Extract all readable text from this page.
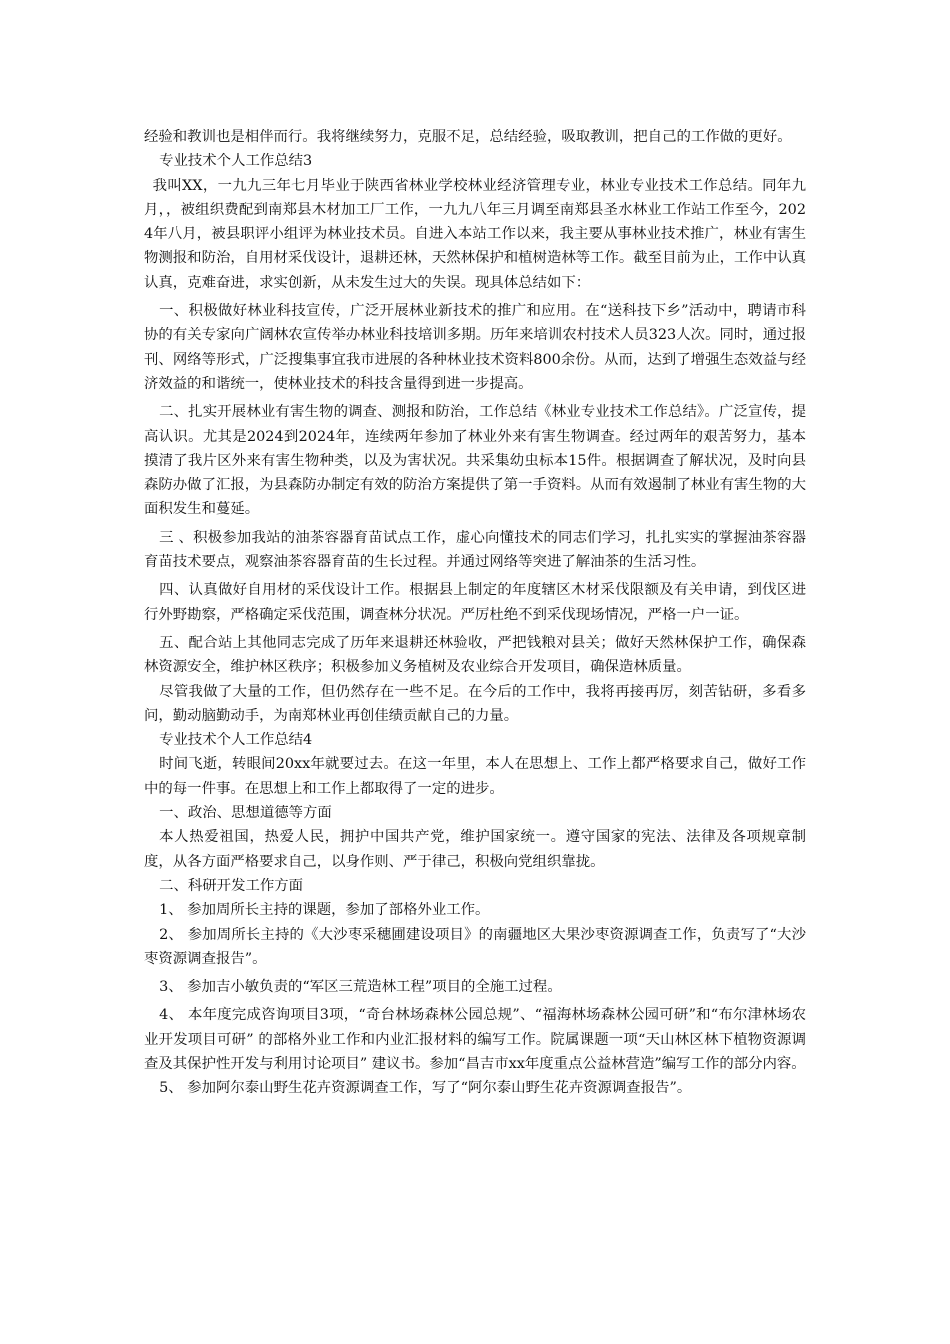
经验和教训也是相伴而行。我将继续努力，克服不足，总结经验，吸取教训，把自己的工作做的更好。

专业技术个人工作总结3

我叫XX，一九九三年七月毕业于陕西省林业学校林业经济管理专业，林业专业技术工作总结。同年九月，，被组织费配到南郑县木材加工厂工作，一九九八年三月调至南郑县圣水林业工作站工作至今，2024年八月，被县职评小组评为林业技术员。自进入本站工作以来，我主要从事林业技术推广，林业有害生物测报和防治，自用材采伐设计，退耕还林，天然林保护和植树造林等工作。截至目前为止，工作中认真认真，克难奋进，求实创新，从未发生过大的失误。现具体总结如下：

一、积极做好林业科技宣传，广泛开展林业新技术的推广和应用。在“送科技下乡”活动中，聘请市科协的有关专家向广阔林农宣传举办林业科技培训多期。历年来培训农村技术人员323人次。同时，通过报刊、网络等形式，广泛搜集事宜我市进展的各种林业技术资料800余份。从而，达到了增强生态效益与经济效益的和谐统一，使林业技术的科技含量得到进一步提高。

二、扎实开展林业有害生物的调查、测报和防治，工作总结《林业专业技术工作总结》。广泛宣传，提高认识。尤其是2024到2024年，连续两年参加了林业外来有害生物调查。经过两年的艰苦努力，基本摸清了我片区外来有害生物种类，以及为害状况。共采集幼虫标本15件。根据调查了解状况，及时向县森防办做了汇报，为县森防办制定有效的防治方案提供了第一手资料。从而有效遏制了林业有害生物的大面积发生和蔓延。

三 、积极参加我站的油茶容器育苗试点工作，虚心向懂技术的同志们学习，扎扎实实的掌握油茶容器育苗技术要点，观察油茶容器育苗的生长过程。并通过网络等突进了解油茶的生活习性。

四、认真做好自用材的采伐设计工作。根据县上制定的年度辖区木材采伐限额及有关申请，到伐区进行外野勘察，严格确定采伐范围，调查林分状况。严厉杜绝不到采伐现场情况，严格一户一证。

五、配合站上其他同志完成了历年来退耕还林验收，严把钱粮对县关；做好天然林保护工作，确保森林资源安全，维护林区秩序；积极参加义务植树及农业综合开发项目，确保造林质量。

尽管我做了大量的工作，但仍然存在一些不足。在今后的工作中，我将再接再厉，刻苦钻研，多看多问，勤动脑勤动手，为南郑林业再创佳绩贡献自己的力量。

专业技术个人工作总结4

时间飞逝，转眼间20xx年就要过去。在这一年里，本人在思想上、工作上都严格要求自己，做好工作中的每一件事。在思想上和工作上都取得了一定的进步。

一、政治、思想道德等方面

本人热爱祖国，热爱人民，拥护中国共产党，维护国家统一。遵守国家的宪法、法律及各项规章制度，从各方面严格要求自己，以身作则、严于律己，积极向党组织靠拢。

二、科研开发工作方面

1、 参加周所长主持的课题，参加了部格外业工作。

2、 参加周所长主持的《大沙枣采穗圃建设项目》的南疆地区大果沙枣资源调查工作，负责写了“大沙枣资源调查报告”。

3、 参加吉小敏负责的“军区三荒造林工程”项目的全施工过程。

4、 本年度完成咨询项目3项，“奇台林场森林公园总规”、“福海林场森林公园可研”和“布尔津林场农业开发项目可研” 的部格外业工作和内业汇报材料的编写工作。院属课题一项“天山林区林下植物资源调查及其保护性开发与利用讨论项目” 建议书。参加“昌吉市xx年度重点公益林营造”编写工作的部分内容。

5、 参加阿尔泰山野生花卉资源调查工作，写了“阿尔泰山野生花卉资源调查报告”。
